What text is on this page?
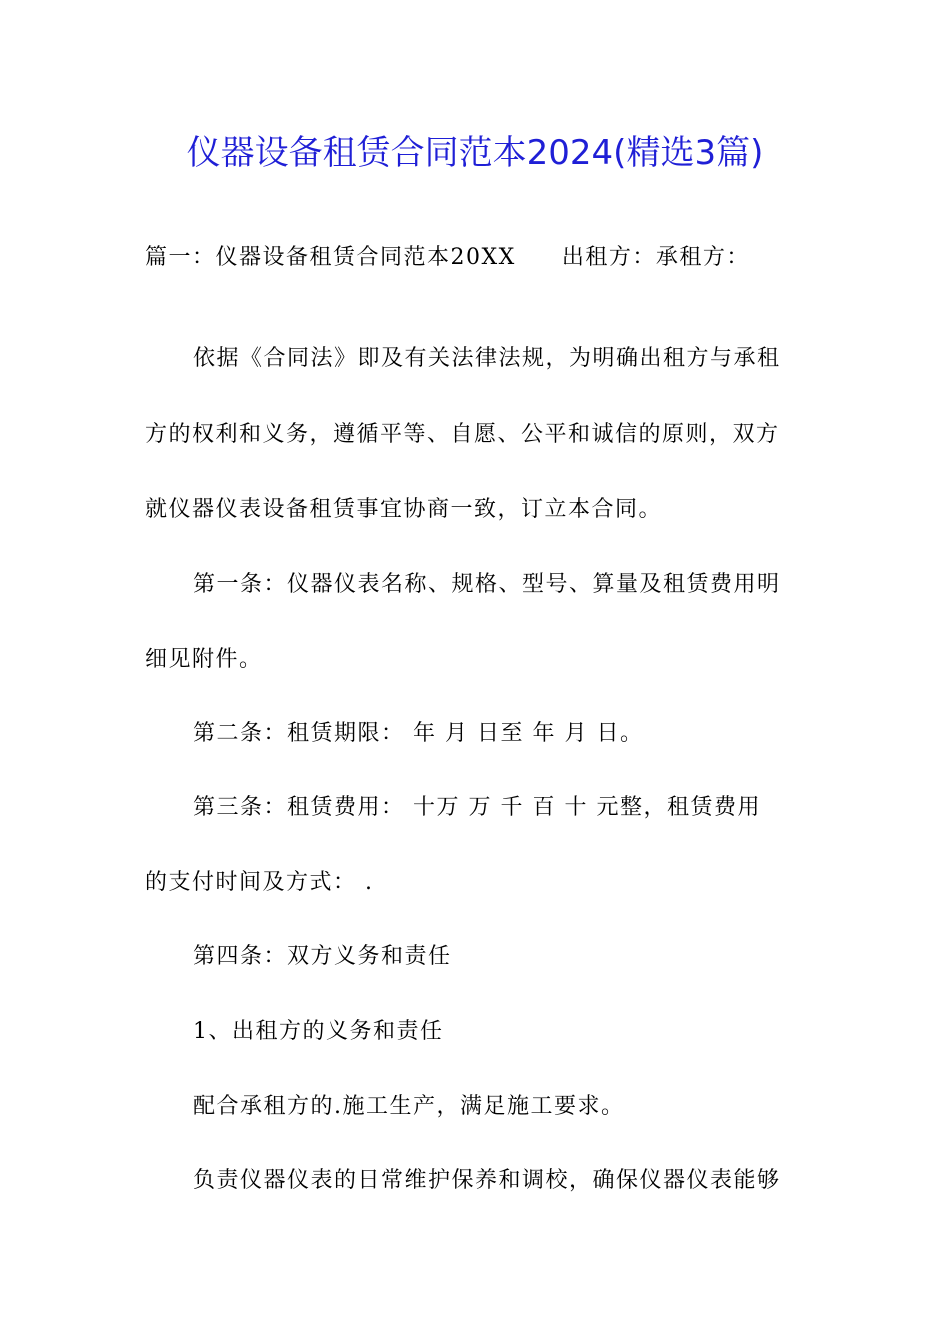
仪器设备租赁合同范本2024(精选3篇)
篇一：仪器设备租赁合同范本20XX 出租方：承租方：
依据《合同法》即及有关法律法规，为明确出租方与承租
方的权利和义务，遵循平等、自愿、公平和诚信的原则，双方
就仪器仪表设备租赁事宜协商一致，订立本合同。
第一条：仪器仪表名称、规格、型号、算量及租赁费用明
细见附件。
第二条：租赁期限： 年 月 日至 年 月 日。
第三条：租赁费用： 十万 万 千 百 十 元整，租赁费用
的支付时间及方式： .
第四条：双方义务和责任
1、出租方的义务和责任
配合承租方的.施工生产，满足施工要求。
负责仪器仪表的日常维护保养和调校，确保仪器仪表能够
